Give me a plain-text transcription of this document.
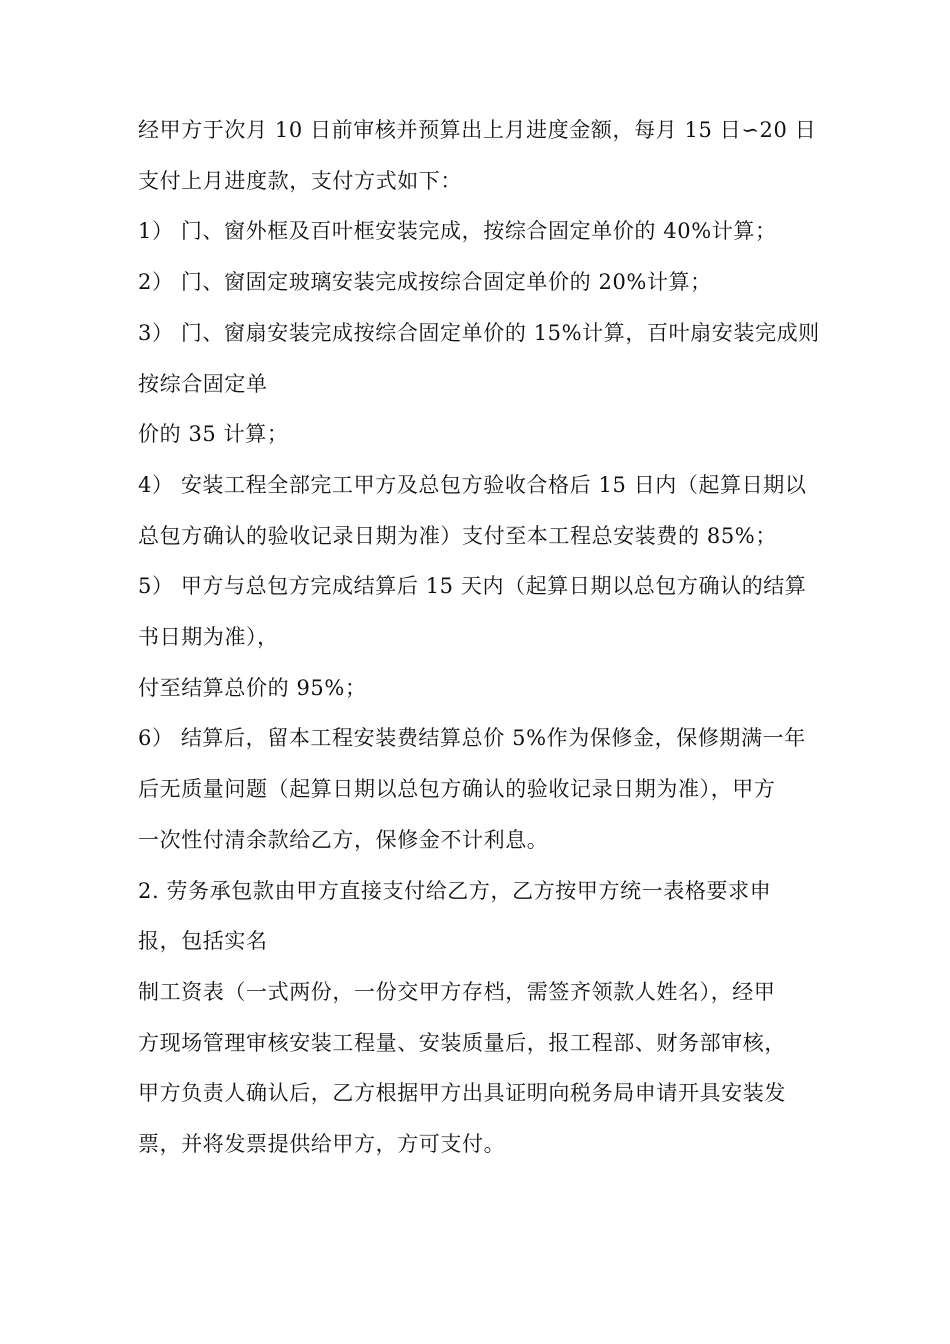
经甲方于次月 10 日前审核并预算出上月进度金额，每月 15 日∽20 日

支付上月进度款，支付方式如下：

1） 门、窗外框及百叶框安装完成，按综合固定单价的 40%计算；

2） 门、窗固定玻璃安装完成按综合固定单价的 20%计算；

3） 门、窗扇安装完成按综合固定单价的 15%计算，百叶扇安装完成则

按综合固定单

价的 35 计算；

4） 安装工程全部完工甲方及总包方验收合格后 15 日内（起算日期以

总包方确认的验收记录日期为准）支付至本工程总安装费的 85%；

5） 甲方与总包方完成结算后 15 天内（起算日期以总包方确认的结算

书日期为准），

付至结算总价的 95%；

6） 结算后，留本工程安装费结算总价 5%作为保修金，保修期满一年

后无质量问题（起算日期以总包方确认的验收记录日期为准），甲方

一次性付清余款给乙方，保修金不计利息。

2. 劳务承包款由甲方直接支付给乙方，乙方按甲方统一表格要求申

报，包括实名

制工资表（一式两份，一份交甲方存档，需签齐领款人姓名），经甲

方现场管理审核安装工程量、安装质量后，报工程部、财务部审核，

甲方负责人确认后，乙方根据甲方出具证明向税务局申请开具安装发

票，并将发票提供给甲方，方可支付。
